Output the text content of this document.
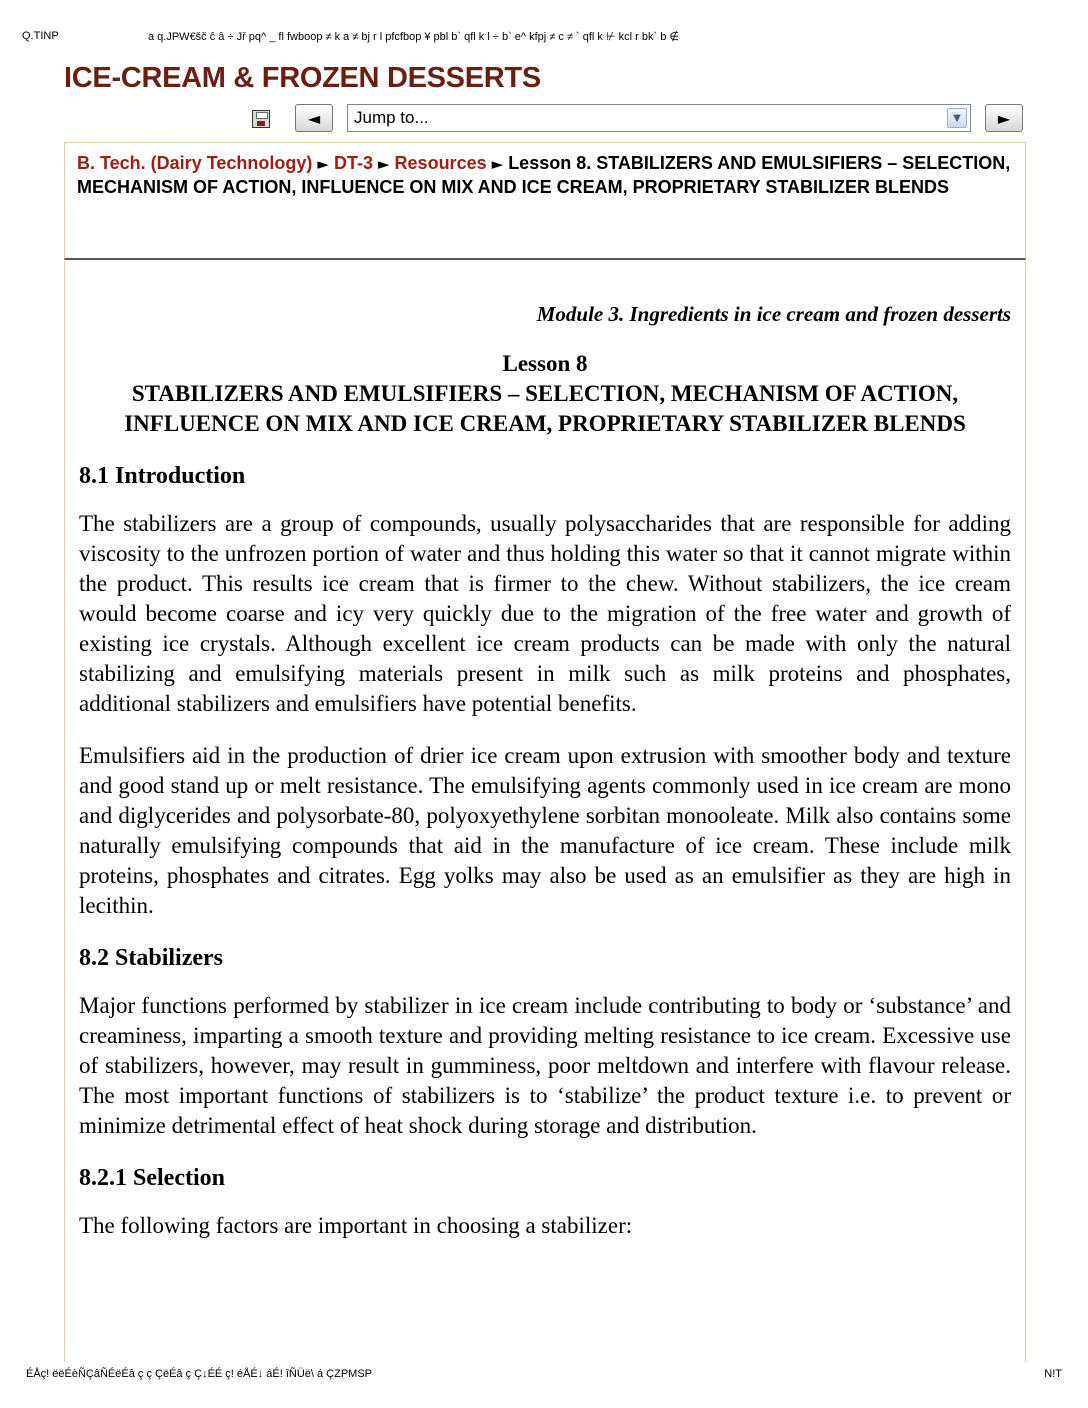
Q.TINP	a q.JPW€šč ĉ â ÷ Jř pq^ _ fl fwboop ≠ k a ≠ bj r l pfcfbop ¥ pbl b` qfl k l ÷ b` e^ kfpj ≠ c ≠ ` qfl k ⊬ kcl r bk` b ∉
ICE-CREAM & FROZEN DESSERTS
◄	Jump to...	▼	►
B. Tech. (Dairy Technology) ► DT-3 ► Resources ► Lesson 8. STABILIZERS AND EMULSIFIERS – SELECTION, MECHANISM OF ACTION, INFLUENCE ON MIX AND ICE CREAM, PROPRIETARY STABILIZER BLENDS
Module 3. Ingredients in ice cream and frozen desserts
Lesson 8
STABILIZERS AND EMULSIFIERS – SELECTION, MECHANISM OF ACTION, INFLUENCE ON MIX AND ICE CREAM, PROPRIETARY STABILIZER BLENDS
8.1 Introduction

The stabilizers are a group of compounds, usually polysaccharides that are responsible for adding viscosity to the unfrozen portion of water and thus holding this water so that it cannot migrate within the product. This results ice cream that is firmer to the chew. Without stabilizers, the ice cream would become coarse and icy very quickly due to the migration of the free water and growth of existing ice crystals. Although excellent ice cream products can be made with only the natural stabilizing and emulsifying materials present in milk such as milk proteins and phosphates, additional stabilizers and emulsifiers have potential benefits.

Emulsifiers aid in the production of drier ice cream upon extrusion with smoother body and texture and good stand up or melt resistance. The emulsifying agents commonly used in ice cream are mono and diglycerides and polysorbate-80, polyoxyethylene sorbitan monooleate. Milk also contains some naturally emulsifying compounds that aid in the manufacture of ice cream. These include milk proteins, phosphates and citrates. Egg yolks may also be used as an emulsifier as they are high in lecithin.

8.2 Stabilizers

Major functions performed by stabilizer in ice cream include contributing to body or ‘substance’ and creaminess, imparting a smooth texture and providing melting resistance to ice cream. Excessive use of stabilizers, however, may result in gumminess, poor meltdown and interfere with flavour release. The most important functions of stabilizers is to ‘stabilize’ the product texture i.e. to prevent or minimize detrimental effect of heat shock during storage and distribution.

8.2.1 Selection

The following factors are important in choosing a stabilizer:

ÉÅç! ëëÉèÑÇâÑÉëÉâ ç ç ÇëÉâ ç Ç↓ÉÉ ç! éÅÉ↓ áÉ! îÑÜë\ á ÇZPMSP	N!T
